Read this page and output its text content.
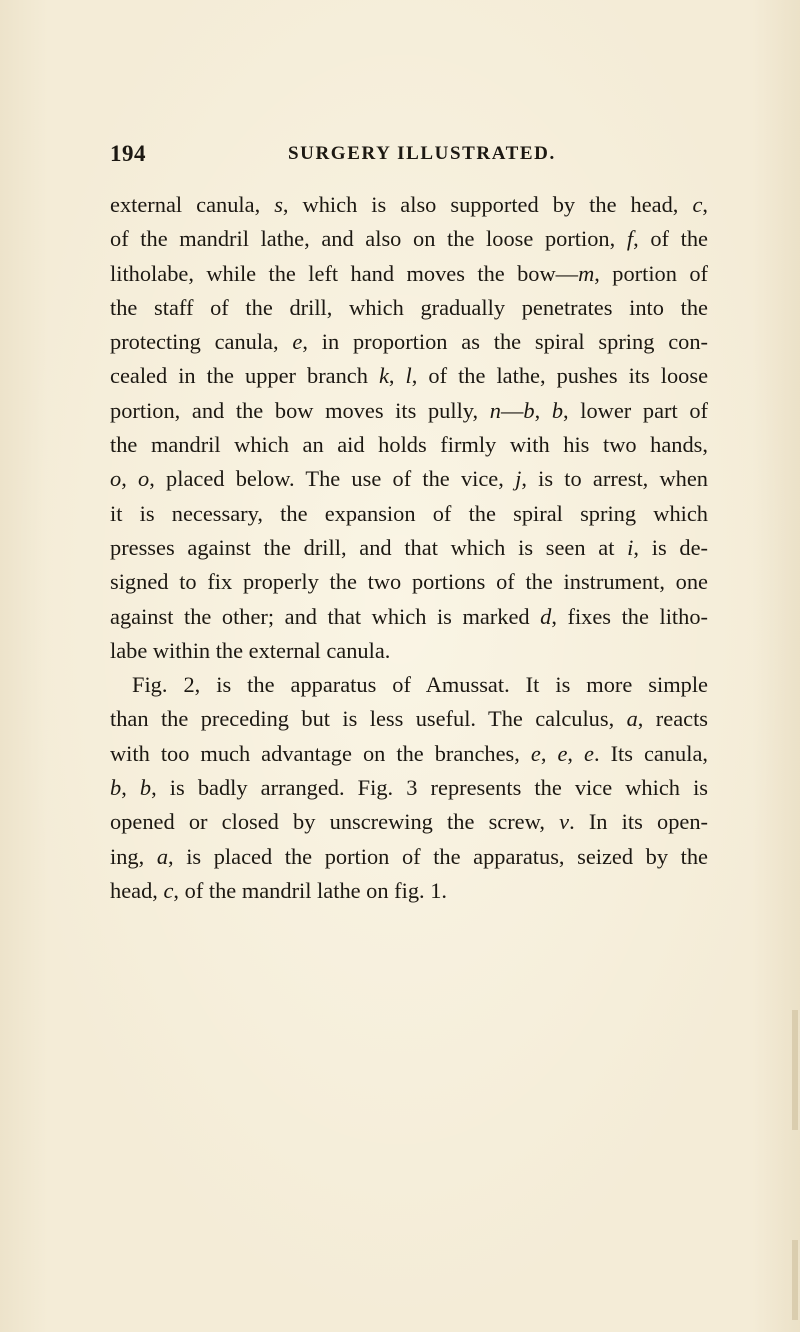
194	SURGERY ILLUSTRATED.
external canula, s, which is also supported by the head, c,
of the mandril lathe, and also on the loose portion, f, of the
litholabe, while the left hand moves the bow—m, portion of
the staff of the drill, which gradually penetrates into the
protecting canula, e, in proportion as the spiral spring con-
cealed in the upper branch k, l, of the lathe, pushes its loose
portion, and the bow moves its pully, n—b, b, lower part of
the mandril which an aid holds firmly with his two hands,
o, o, placed below. The use of the vice, j, is to arrest, when
it is necessary, the expansion of the spiral spring which
presses against the drill, and that which is seen at i, is de-
signed to fix properly the two portions of the instrument, one
against the other; and that which is marked d, fixes the litho-
labe within the external canula.
Fig. 2, is the apparatus of Amussat. It is more simple
than the preceding but is less useful. The calculus, a, reacts
with too much advantage on the branches, e, e, e. Its canula,
b, b, is badly arranged. Fig. 3 represents the vice which is
opened or closed by unscrewing the screw, v. In its open-
ing, a, is placed the portion of the apparatus, seized by the
head, c, of the mandril lathe on fig. 1.
